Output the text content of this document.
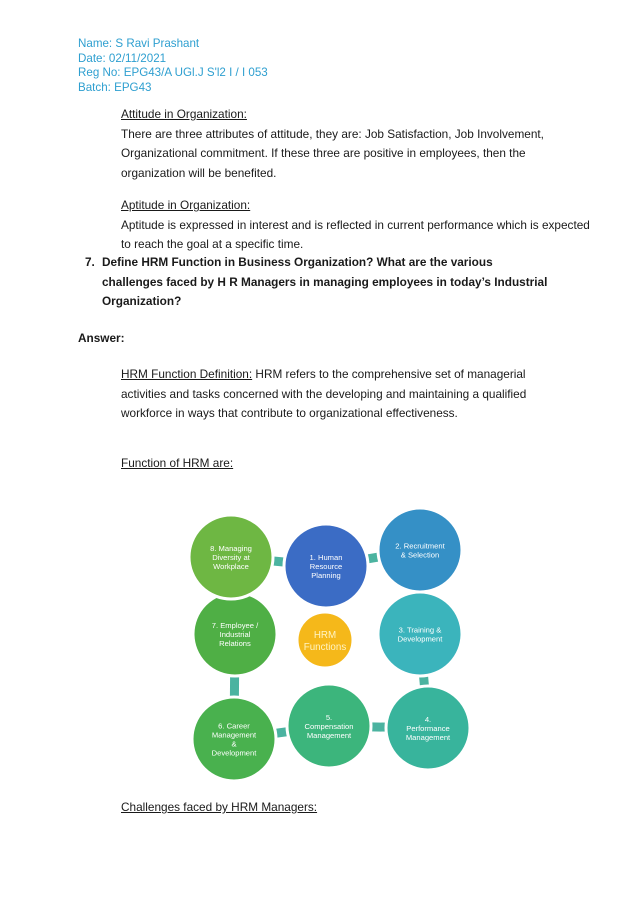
Name: S Ravi Prashant
Date: 02/11/2021
Reg No: EPG43/A UGl.J S'l2 I / I 053
Batch: EPG43
Attitude in Organization:
There are three attributes of attitude, they are: Job Satisfaction, Job Involvement, Organizational commitment. If these three are positive in employees, then the organization will be benefited.
Aptitude in Organization:
Aptitude is expressed in interest and is reflected in current performance which is expected to reach the goal at a specific time.
7. Define HRM Function in Business Organization? What are the various challenges faced by H R Managers in managing employees in today’s Industrial Organization?
Answer:
HRM Function Definition: HRM refers to the comprehensive set of managerial activities and tasks concerned with the developing and maintaining a qualified workforce in ways that contribute to organizational effectiveness.
Function of HRM are:
1. Human Resource Planning
2. Recruitment & Selection
3. Training & Development
4. Performance Management
5. Compensation Management
6. Career Management & Development
7. Employee / Industrial Relations
8. Managing Diversity at Workplace
HRM Functions
Challenges faced by HRM Managers:
